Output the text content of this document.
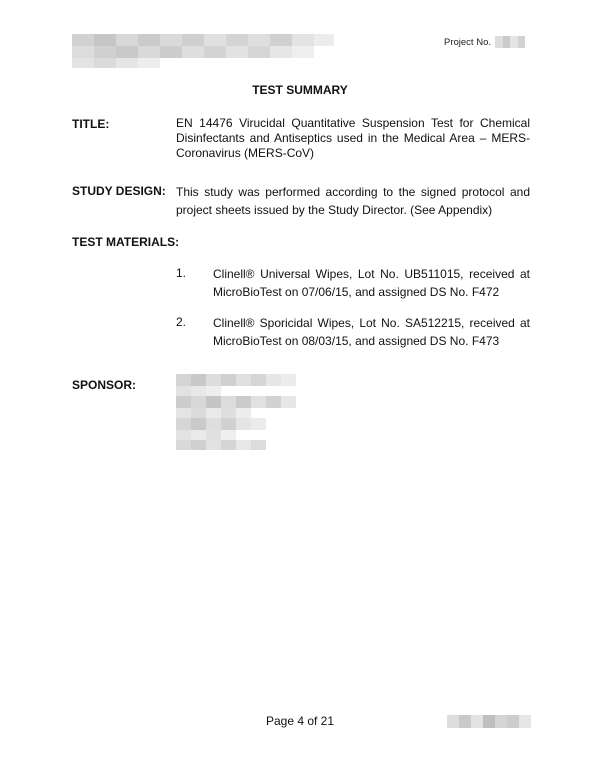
Project No.
TEST SUMMARY
TITLE:	EN 14476 Virucidal Quantitative Suspension Test for Chemical Disinfectants and Antiseptics used in the Medical Area – MERS-Coronavirus (MERS-CoV)
STUDY DESIGN: This study was performed according to the signed protocol and project sheets issued by the Study Director. (See Appendix)
TEST MATERIALS:
1. Clinell® Universal Wipes, Lot No. UB511015, received at MicroBioTest on 07/06/15, and assigned DS No. F472
2. Clinell® Sporicidal Wipes, Lot No. SA512215, received at MicroBioTest on 08/03/15, and assigned DS No. F473
SPONSOR:
Page 4 of 21
